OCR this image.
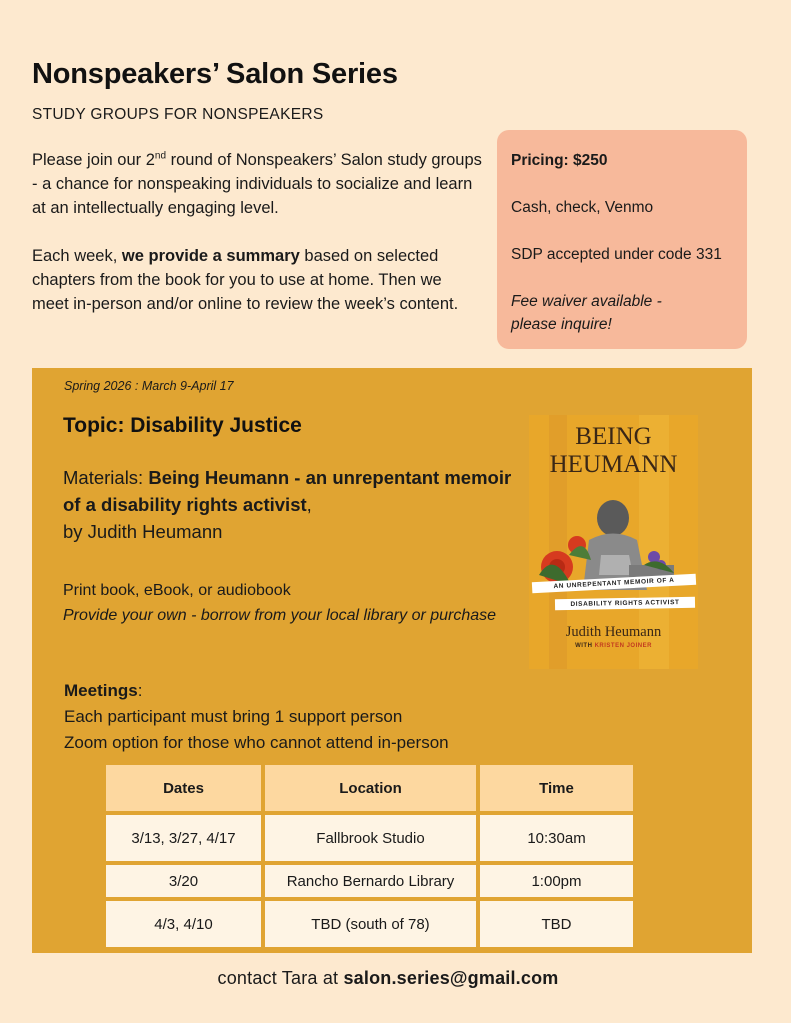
Nonspeakers’ Salon Series
STUDY GROUPS FOR NONSPEAKERS

Please join our 2nd round of Nonspeakers’ Salon study groups - a chance for nonspeaking individuals to socialize and learn at an intellectually engaging level.

Each week, we provide a summary based on selected chapters from the book for you to use at home. Then we meet in-person and/or online to review the week’s content.

Pricing: $250
Cash, check, Venmo
SDP accepted under code 331
Fee waiver available -
please inquire!
Spring 2026 : March 9-April 17
Topic: Disability Justice
Materials: Being Heumann - an unrepentant memoir of a disability rights activist,
by Judith Heumann
Print book, eBook, or audiobook
Provide your own - borrow from your local library or purchase
BEING
HEUMANN
AN UNREPENTANT MEMOIR OF A
DISABILITY RIGHTS ACTIVIST
Judith Heumann
WITH KRISTEN JOINER
Meetings:
Each participant must bring 1 support person
Zoom option for those who cannot attend in-person
Dates	Location	Time
3/13, 3/27, 4/17	Fallbrook Studio	10:30am
3/20	Rancho Bernardo Library	1:00pm
4/3, 4/10	TBD (south of 78)	TBD
contact Tara at salon.series@gmail.com
